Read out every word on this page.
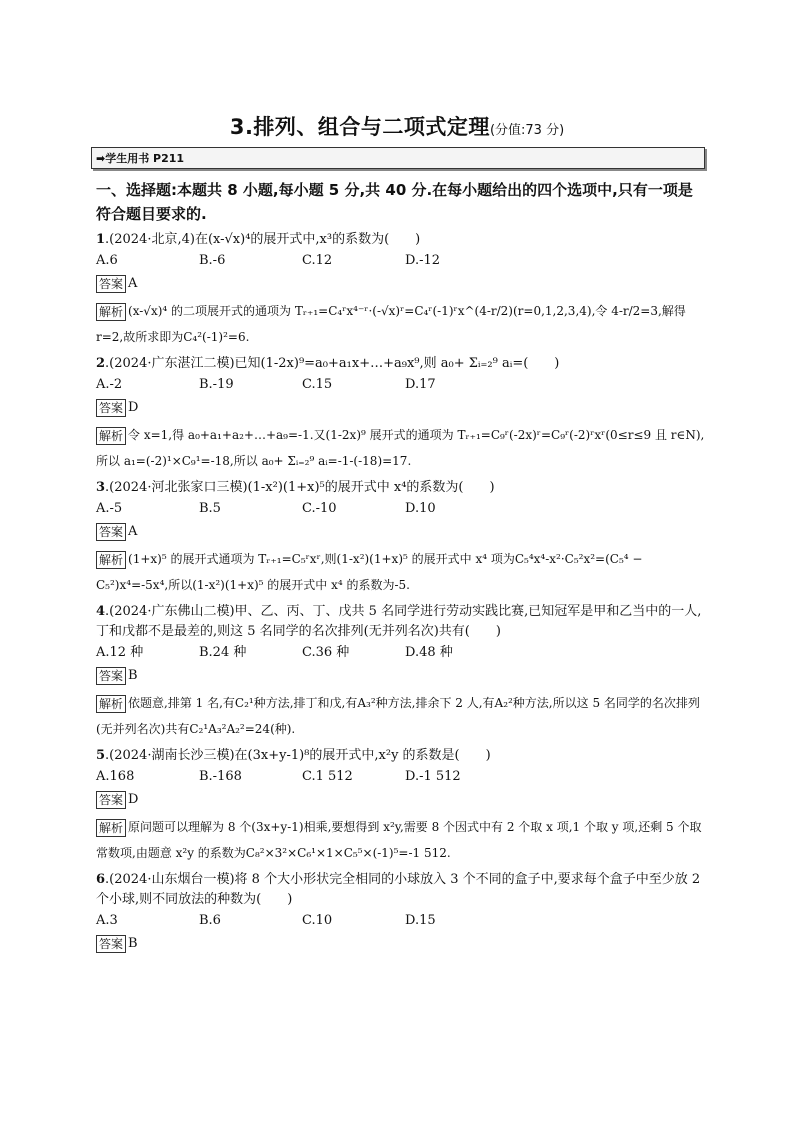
3.排列、组合与二项式定理(分值:73 分)
➡学生用书 P211
一、选择题:本题共 8 小题,每小题 5 分,共 40 分.在每小题给出的四个选项中,只有一项是符合题目要求的.
1.(2024·北京,4)在(x-√x)⁴的展开式中,x³的系数为(　　)
A.6	B.-6	C.12	D.-12
答案 A
解析 (x-√x)⁴ 的二项展开式的通项为 Tᵣ₊₁=C₄ʳx⁴⁻ʳ·(-√x)ʳ=C₄ʳ(-1)ʳx^(4-r/2)(r=0,1,2,3,4),令 4-r/2=3,解得 r=2,故所求即为C₄²(-1)²=6.
2.(2024·广东湛江二模)已知(1-2x)⁹=a₀+a₁x+…+a₉x⁹,则 a₀+ Σᵢ₌₂⁹ aᵢ=(　　)
A.-2	B.-19	C.15	D.17
答案 D
解析 令 x=1,得 a₀+a₁+a₂+…+a₉=-1.又(1-2x)⁹ 展开式的通项为 Tᵣ₊₁=C₉ʳ(-2x)ʳ=C₉ʳ(-2)ʳxʳ(0≤r≤9 且 r∈N),所以 a₁=(-2)¹×C₉¹=-18,所以 a₀+ Σᵢ₌₂⁹ aᵢ=-1-(-18)=17.
3.(2024·河北张家口三模)(1-x²)(1+x)⁵的展开式中 x⁴的系数为(　　)
A.-5	B.5	C.-10	D.10
答案 A
解析 (1+x)⁵ 的展开式通项为 Tᵣ₊₁=C₅ʳxʳ,则(1-x²)(1+x)⁵ 的展开式中 x⁴ 项为C₅⁴x⁴-x²·C₅²x²=(C₅⁴ − C₅²)x⁴=-5x⁴,所以(1-x²)(1+x)⁵ 的展开式中 x⁴ 的系数为-5.
4.(2024·广东佛山二模)甲、乙、丙、丁、戊共 5 名同学进行劳动实践比赛,已知冠军是甲和乙当中的一人,丁和戊都不是最差的,则这 5 名同学的名次排列(无并列名次)共有(　　)
A.12 种	B.24 种	C.36 种	D.48 种
答案 B
解析 依题意,排第 1 名,有C₂¹种方法,排丁和戊,有A₃²种方法,排余下 2 人,有A₂²种方法,所以这 5 名同学的名次排列(无并列名次)共有C₂¹A₃²A₂²=24(种).
5.(2024·湖南长沙三模)在(3x+y-1)⁸的展开式中,x²y 的系数是(　　)
A.168	B.-168	C.1 512	D.-1 512
答案 D
解析 原问题可以理解为 8 个(3x+y-1)相乘,要想得到 x²y,需要 8 个因式中有 2 个取 x 项,1 个取 y 项,还剩 5 个取常数项,由题意 x²y 的系数为C₈²×3²×C₆¹×1×C₅⁵×(-1)⁵=-1 512.
6.(2024·山东烟台一模)将 8 个大小形状完全相同的小球放入 3 个不同的盒子中,要求每个盒子中至少放 2 个小球,则不同放法的种数为(　　)
A.3	B.6	C.10	D.15
答案 B
